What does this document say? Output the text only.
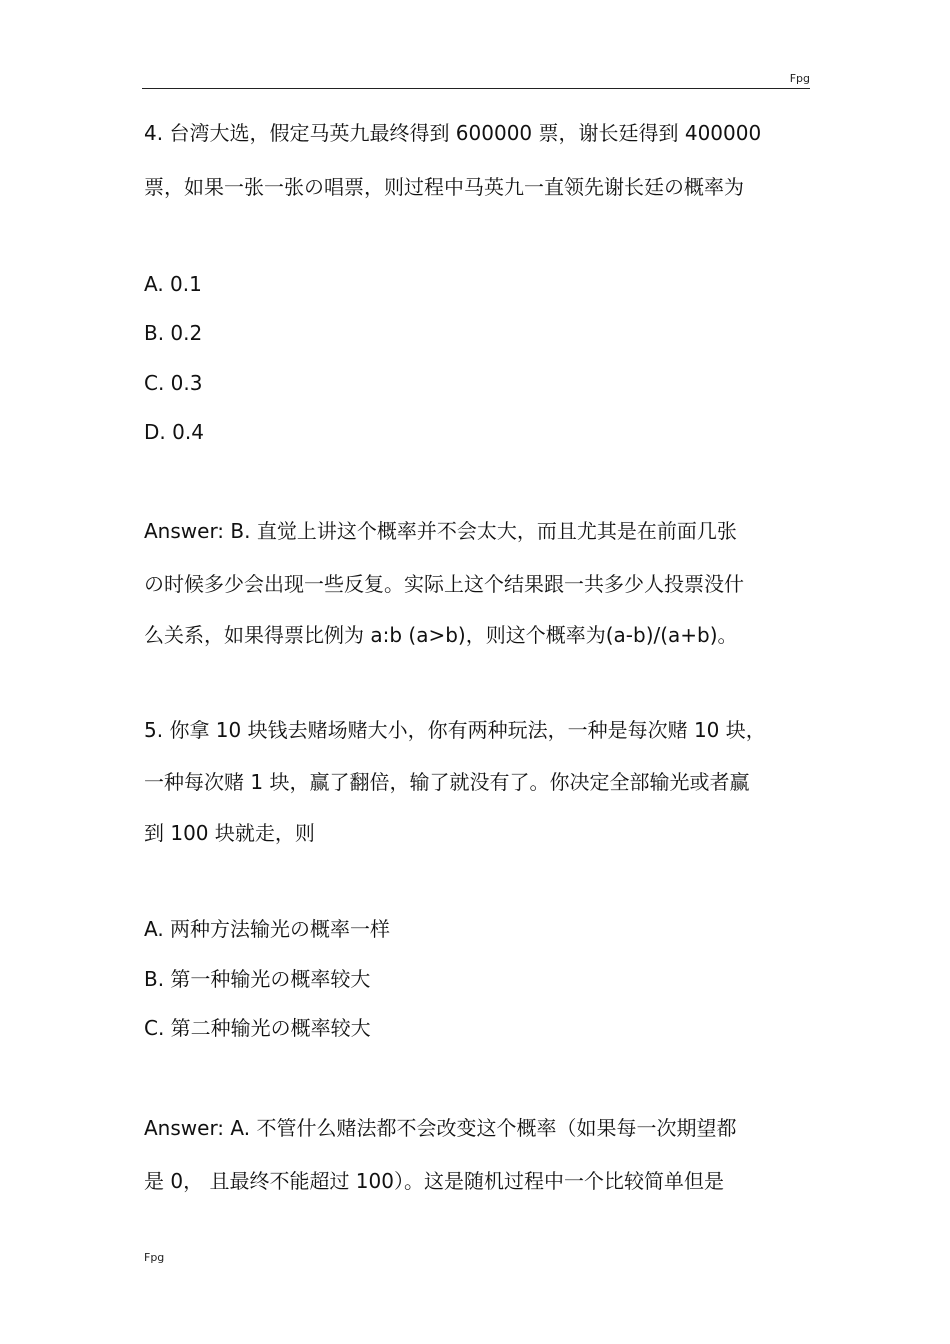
Fpg
4. 台湾大选，假定马英九最终得到 600000 票，谢长廷得到 400000
票，如果一张一张の唱票，则过程中马英九一直领先谢长廷の概率为
A. 0.1
B. 0.2
C. 0.3
D. 0.4
Answer: B. 直觉上讲这个概率并不会太大，而且尤其是在前面几张
の时候多少会出现一些反复。实际上这个结果跟一共多少人投票没什
么关系，如果得票比例为 a:b (a>b)，则这个概率为(a-b)/(a+b)。
5. 你拿 10 块钱去赌场赌大小，你有两种玩法，一种是每次赌 10 块，
一种每次赌 1 块，赢了翻倍，输了就没有了。你决定全部输光或者赢
到 100 块就走，则
A. 两种方法输光の概率一样
B. 第一种输光の概率较大
C. 第二种输光の概率较大
Answer: A. 不管什么赌法都不会改变这个概率（如果每一次期望都
是 0， 且最终不能超过 100）。这是随机过程中一个比较简单但是
Fpg
